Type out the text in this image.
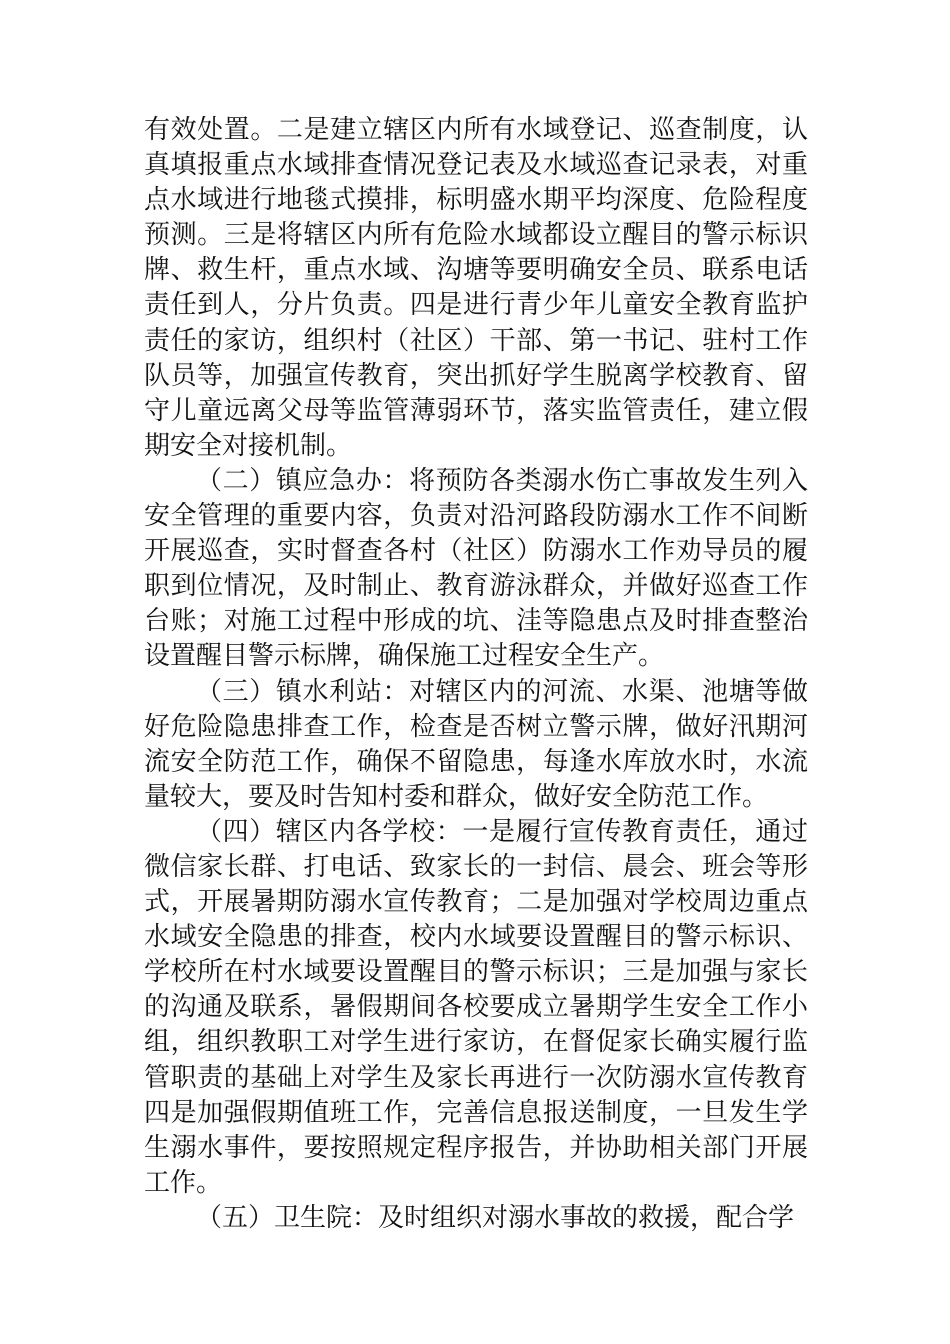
有效处置。二是建立辖区内所有水域登记、巡查制度，认真填报重点水域排查情况登记表及水域巡查记录表，对重点水域进行地毯式摸排，标明盛水期平均深度、危险程度预测。三是将辖区内所有危险水域都设立醒目的警示标识牌、救生杆，重点水域、沟塘等要明确安全员、联系电话责任到人，分片负责。四是进行青少年儿童安全教育监护责任的家访，组织村（社区）干部、第一书记、驻村工作队员等，加强宣传教育，突出抓好学生脱离学校教育、留守儿童远离父母等监管薄弱环节，落实监管责任，建立假期安全对接机制。

（二）镇应急办：将预防各类溺水伤亡事故发生列入安全管理的重要内容，负责对沿河路段防溺水工作不间断开展巡查，实时督查各村（社区）防溺水工作劝导员的履职到位情况，及时制止、教育游泳群众，并做好巡查工作台账；对施工过程中形成的坑、洼等隐患点及时排查整治设置醒目警示标牌，确保施工过程安全生产。

（三）镇水利站：对辖区内的河流、水渠、池塘等做好危险隐患排查工作，检查是否树立警示牌，做好汛期河流安全防范工作，确保不留隐患，每逢水库放水时，水流量较大，要及时告知村委和群众，做好安全防范工作。

（四）辖区内各学校：一是履行宣传教育责任，通过微信家长群、打电话、致家长的一封信、晨会、班会等形式，开展暑期防溺水宣传教育；二是加强对学校周边重点水域安全隐患的排查，校内水域要设置醒目的警示标识、学校所在村水域要设置醒目的警示标识；三是加强与家长的沟通及联系，暑假期间各校要成立暑期学生安全工作小组，组织教职工对学生进行家访，在督促家长确实履行监管职责的基础上对学生及家长再进行一次防溺水宣传教育四是加强假期值班工作，完善信息报送制度，一旦发生学生溺水事件，要按照规定程序报告，并协助相关部门开展工作。

（五）卫生院：及时组织对溺水事故的救援，配合学
